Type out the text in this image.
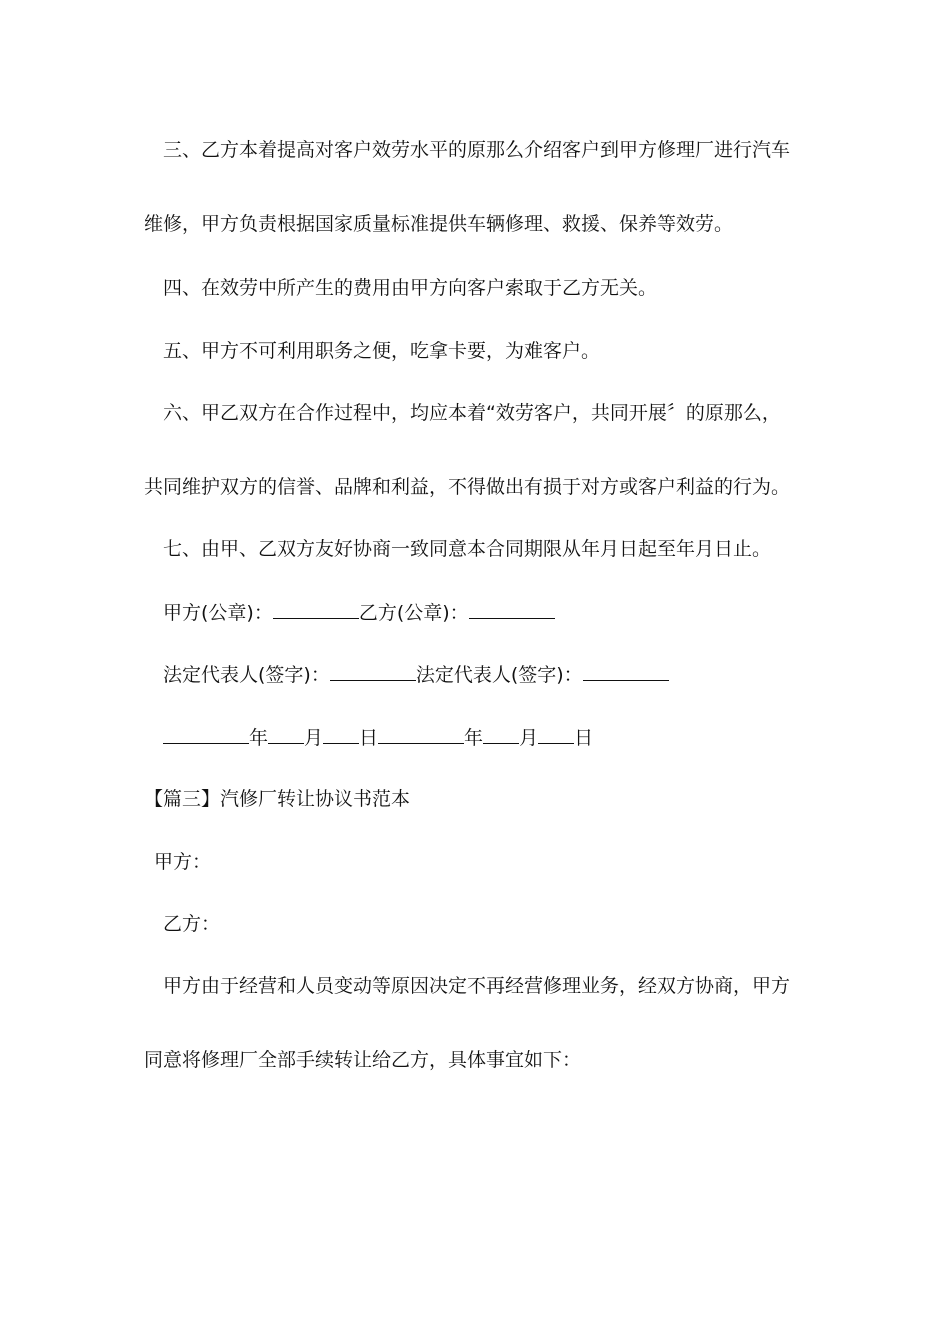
三、乙方本着提高对客户效劳水平的原那么介绍客户到甲方修理厂进行汽车
维修，甲方负责根据国家质量标准提供车辆修理、救援、保养等效劳。
四、在效劳中所产生的费用由甲方向客户索取于乙方无关。
五、甲方不可利用职务之便，吃拿卡要，为难客户。
六、甲乙双方在合作过程中，均应本着“效劳客户，共同开展〞的原那么，
共同维护双方的信誉、品牌和利益，不得做出有损于对方或客户利益的行为。
七、由甲、乙双方友好协商一致同意本合同期限从年月日起至年月日止。
甲方(公章)：	乙方(公章)：
法定代表人(签字)：	法定代表人(签字)：
年 月 日	年 月 日
【篇三】汽修厂转让协议书范本
甲方：
乙方：
甲方由于经营和人员变动等原因决定不再经营修理业务，经双方协商，甲方
同意将修理厂全部手续转让给乙方，具体事宜如下：
